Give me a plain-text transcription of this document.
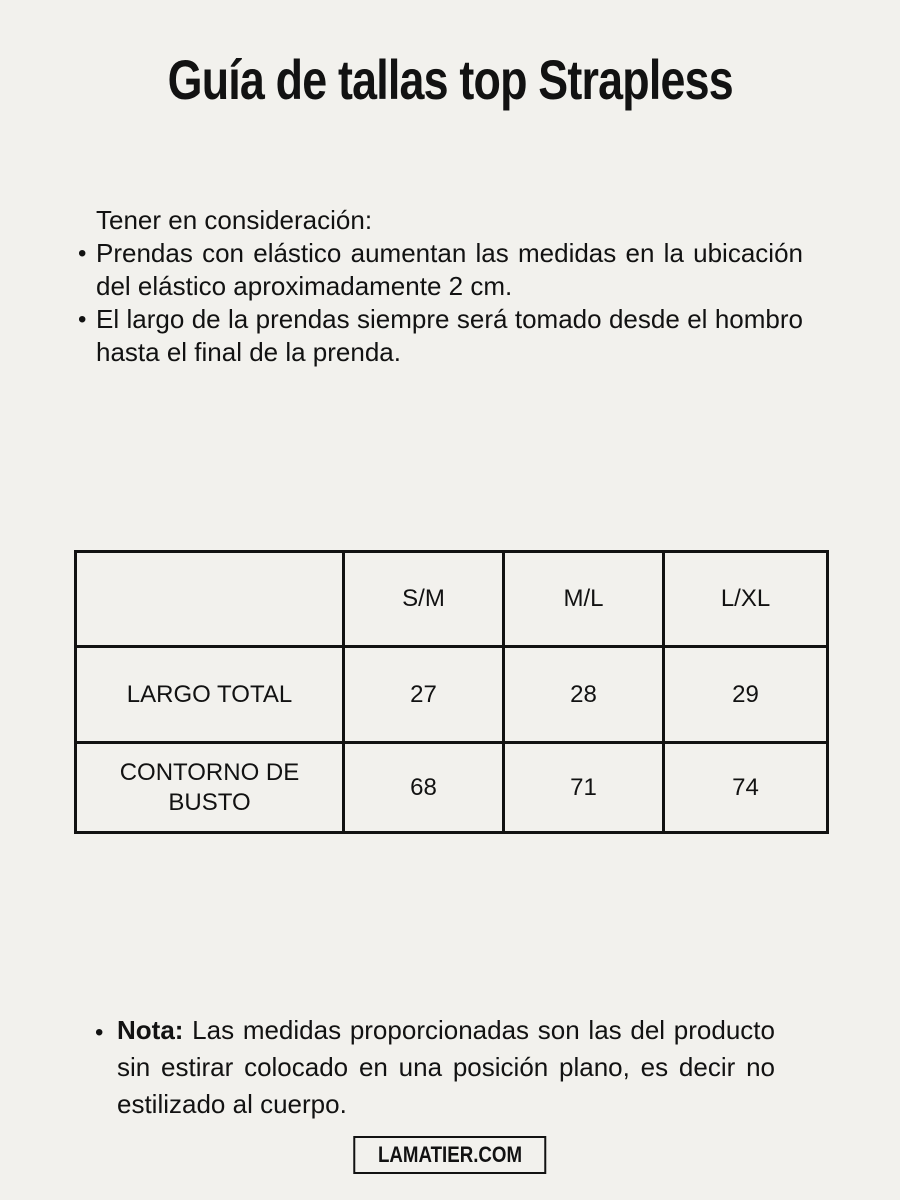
Guía de tallas top Strapless

Tener en consideración:

• Prendas con elástico aumentan las medidas en la ubicación del elástico aproximadamente 2 cm.
• El largo de la prendas siempre será tomado desde el hombro hasta el final de la prenda.
	S/M	M/L	L/XL
LARGO TOTAL	27	28	29
CONTORNO DE BUSTO	68	71	74

• Nota: Las medidas proporcionadas son las del producto sin estirar colocado en una posición plano, es decir no estilizado al cuerpo.

LAMATIER.COM
